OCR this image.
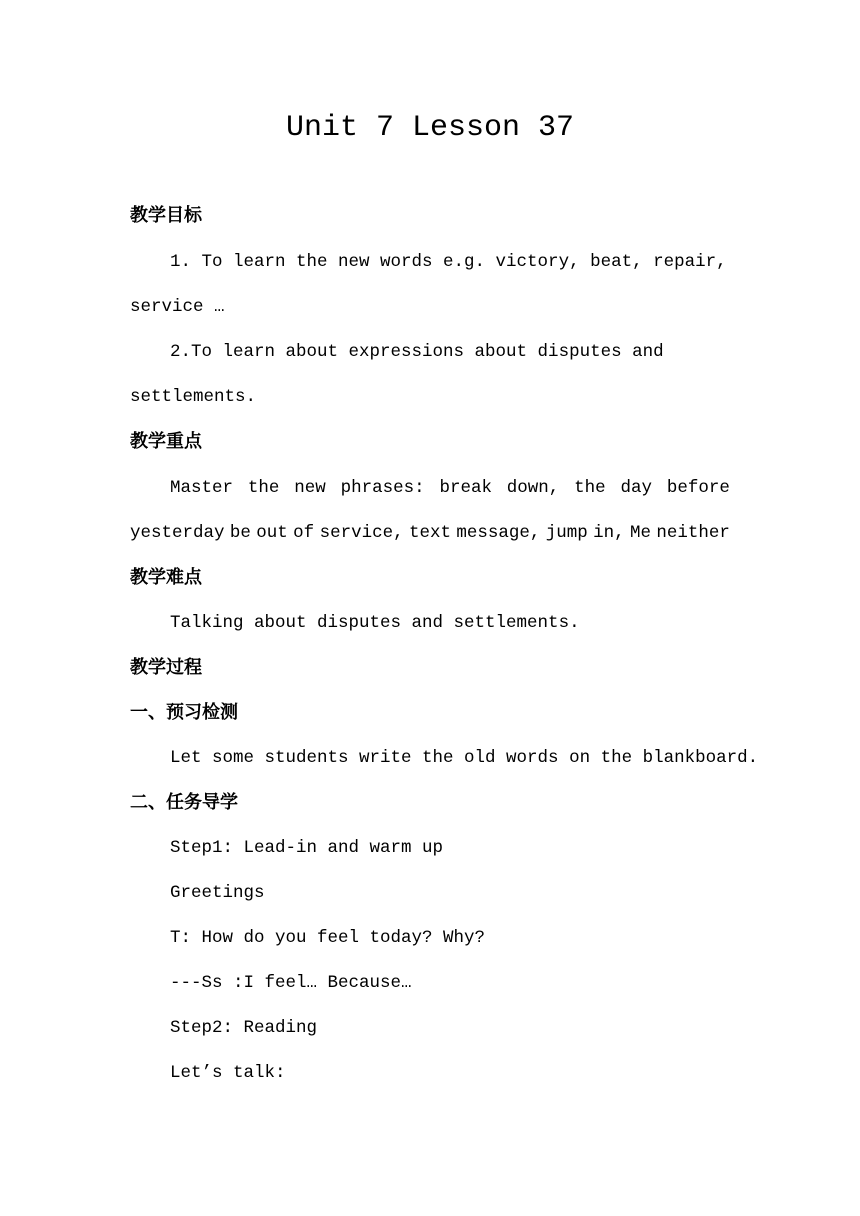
Unit 7 Lesson 37
教学目标
1. To learn the new words e.g. victory, beat, repair,
service …
2.To learn about expressions about disputes and
settlements.
教学重点
Master the new phrases: break down, the day before
yesterday be out of service, text message, jump in, Me neither
教学难点
Talking about disputes and settlements.
教学过程
一、预习检测
Let some students write the old words on the blankboard.
二、任务导学
Step1: Lead-in and warm up
Greetings
T: How do you feel today? Why?
---Ss :I feel… Because…
Step2: Reading
Let’s talk:
